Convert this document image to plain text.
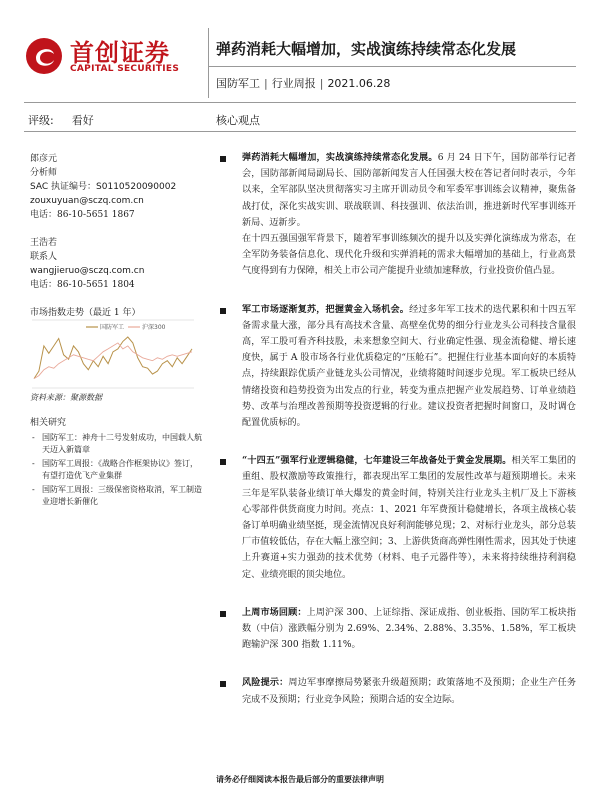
首创证券
CAPITAL SECURITIES
弹药消耗大幅增加，实战演练持续常态化发展
国防军工 | 行业周报 | 2021.06.28
评级: 看好	核心观点
郎彦元
分析师
SAC 执证编号：S0110520090002
zouxuyuan@sczq.com.cn
电话：86-10-5651 1867
王浩若
联系人
wangjieruo@sczq.com.cn
电话：86-10-5651 1804
市场指数走势（最近 1 年）
国防军工	沪深300
资料来源：聚源数据
相关研究
- 国防军工：神舟十二号发射成功，中国载人航天迈入新篇章
- 国防军工周报：《战略合作框架协议》签订，有望打造优飞产业集群
- 国防军工周报：三级保密资格取消，军工制造业迎增长新催化

弹药消耗大幅增加，实战演练持续常态化发展。6 月 24 日下午，国防部举行记者会，国防部新闻局副局长、国防部新闻发言人任国强大校在答记者问时表示，今年以来，全军部队坚决贯彻落实习主席开训动员令和军委军事训练会议精神，聚焦备战打仗，深化实战实训、联战联训、科技强训、依法治训，推进新时代军事训练开新局、迈新步。

在十四五强国强军背景下，随着军事训练频次的提升以及实弹化演练成为常态，在全军防务装备信息化、现代化升级和实弹消耗的需求大幅增加的基础上，行业高景气度得到有力保障，相关上市公司产能提升业绩加速释放，行业投资价值凸显。

军工市场逐渐复苏，把握黄金入场机会。经过多年军工技术的迭代累积和十四五军备需求量大涨，部分具有高技术含量、高壁垒优势的细分行业龙头公司科技含量很高，军工股可看齐科技股，未来想象空间大、行业确定性强、现金流稳健、增长速度快，属于 A 股市场各行业优质稳定的“压舱石”。把握住行业基本面向好的本质特点，持续跟踪优质产业链龙头公司情况，业绩将随时间逐步兑现。军工板块已经从情绪投资和趋势投资为出发点的行业，转变为重点把握产业发展趋势、订单业绩趋势、改革与治理改善预期等投资逻辑的行业。建议投资者把握时间窗口，及时调仓配置优质标的。

“十四五”强军行业逻辑稳健，七年建设三年战备处于黄金发展期。相关军工集团的重组、股权激励等政策推行，都表现出军工集团的发展性改革与超预期增长。未来三年是军队装备业绩订单大爆发的黄金时间，特别关注行业龙头主机厂及上下游核心零部件供货商度力时间。亮点：1、2021 年军费预计稳健增长，各项主战核心装备订单明确业绩坚挺，现金流情况良好利润能够兑现；2、对标行业龙头，部分总装厂市值较低估，存在大幅上涨空间；3、上游供货商高弹性刚性需求，因其处于快速上升赛道+实力强劲的技术优势（材料、电子元器件等），未来将持续维持利润稳定、业绩亮眼的顶尖地位。

上周市场回顾：上周沪深 300、上证综指、深证成指、创业板指、国防军工板块指数（中信）涨跌幅分别为 2.69%、2.34%、2.88%、3.35%、1.58%，军工板块跑输沪深 300 指数 1.11%。

风险提示：周边军事摩擦局势紧张升级超预期；政策落地不及预期；企业生产任务完成不及预期；行业竞争风险；预期合适的安全边际。

请务必仔细阅读本报告最后部分的重要法律声明
